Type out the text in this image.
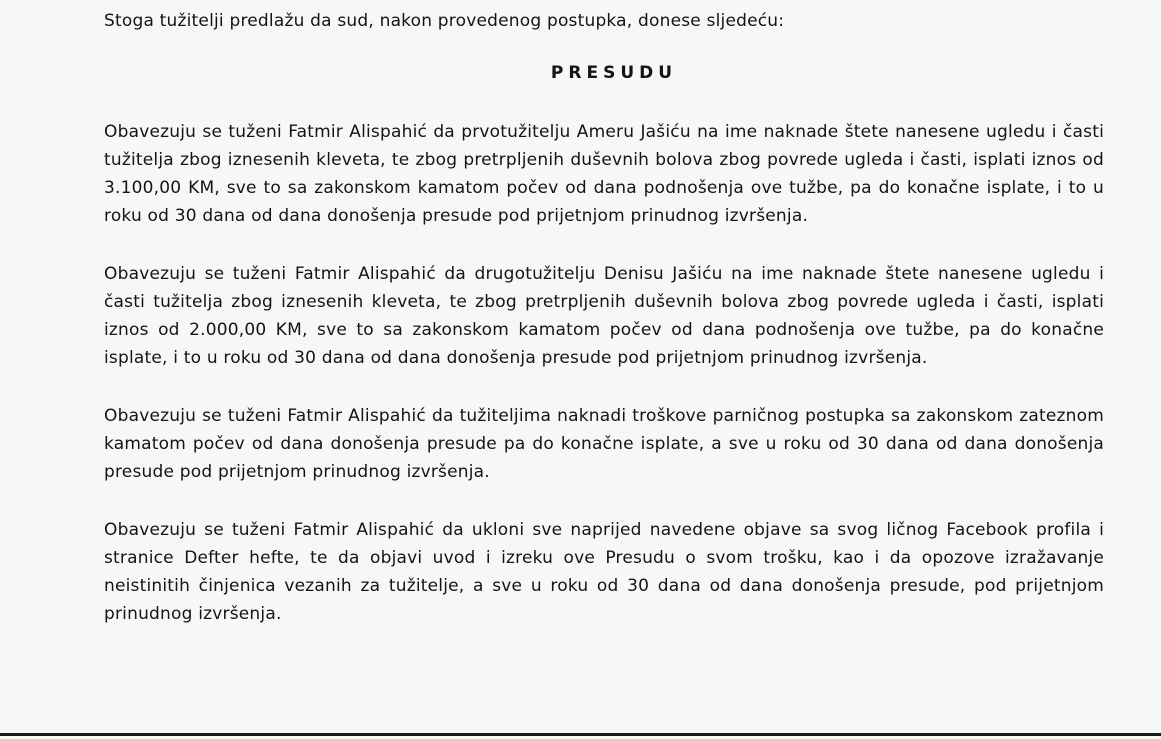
Stoga tužitelji predlažu da sud, nakon provedenog postupka, donese sljedeću:

PRESUDU

Obavezuju se tuženi Fatmir Alispahić da prvotužitelju Ameru Jašiću na ime naknade štete nanesene ugledu i časti tužitelja zbog iznesenih kleveta, te zbog pretrpljenih duševnih bolova zbog povrede ugleda i časti, isplati iznos od 3.100,00 KM, sve to sa zakonskom kamatom počev od dana podnošenja ove tužbe, pa do konačne isplate, i to u roku od 30 dana od dana donošenja presude pod prijetnjom prinudnog izvršenja.

Obavezuju se tuženi Fatmir Alispahić da drugotužitelju Denisu Jašiću na ime naknade štete nanesene ugledu i časti tužitelja zbog iznesenih kleveta, te zbog pretrpljenih duševnih bolova zbog povrede ugleda i časti, isplati iznos od 2.000,00 KM, sve to sa zakonskom kamatom počev od dana podnošenja ove tužbe, pa do konačne isplate, i to u roku od 30 dana od dana donošenja presude pod prijetnjom prinudnog izvršenja.

Obavezuju se tuženi Fatmir Alispahić da tužiteljima naknadi troškove parničnog postupka sa zakonskom zateznom kamatom počev od dana donošenja presude pa do konačne isplate, a sve u roku od 30 dana od dana donošenja presude pod prijetnjom prinudnog izvršenja.

Obavezuju se tuženi Fatmir Alispahić da ukloni sve naprijed navedene objave sa svog ličnog Facebook profila i stranice Defter hefte, te da objavi uvod i izreku ove Presudu o svom trošku, kao i da opozove izražavanje neistinitih činjenica vezanih za tužitelje, a sve u roku od 30 dana od dana donošenja presude, pod prijetnjom prinudnog izvršenja.
